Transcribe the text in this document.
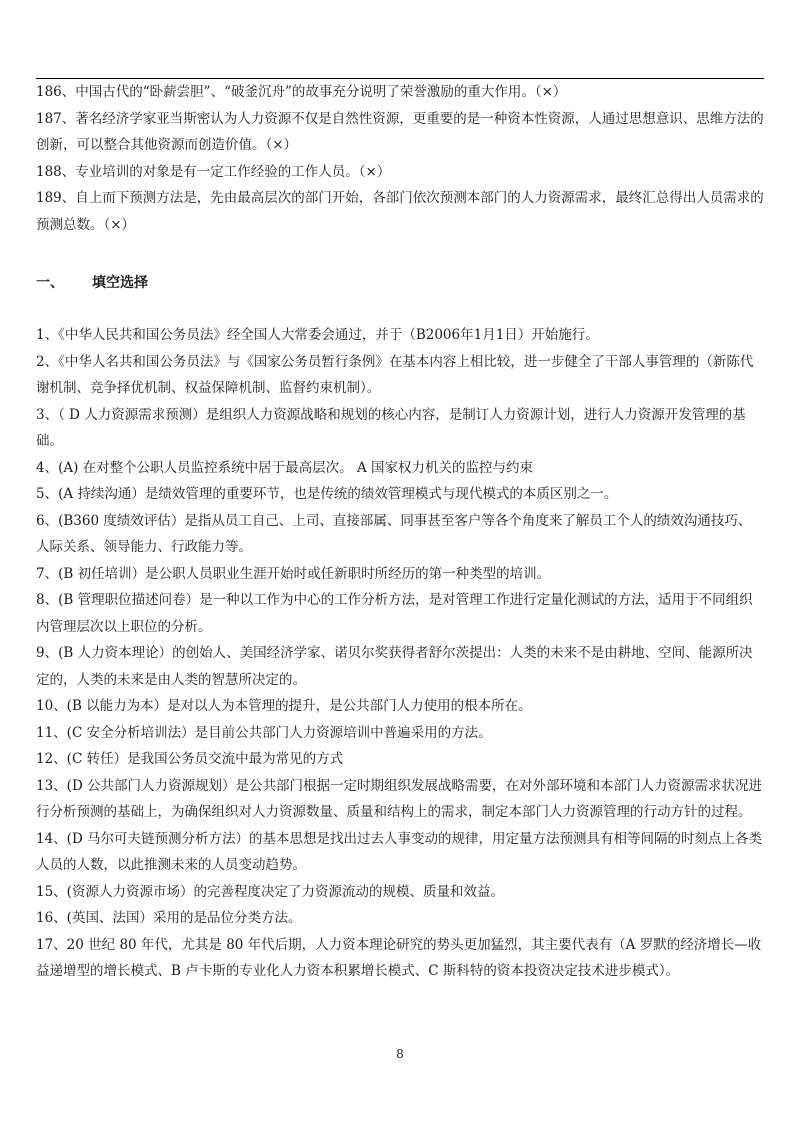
186、中国古代的“卧薪尝胆”、“破釜沉舟”的故事充分说明了荣誉激励的重大作用。（×）

187、著名经济学家亚当斯密认为人力资源不仅是自然性资源，更重要的是一种资本性资源，人通过思想意识、思维方法的创新，可以整合其他资源而创造价值。（×）

188、专业培训的对象是有一定工作经验的工作人员。（×）

189、自上而下预测方法是，先由最高层次的部门开始，各部门依次预测本部门的人力资源需求，最终汇总得出人员需求的预测总数。（×）

一、 填空选择

1、《中华人民共和国公务员法》经全国人大常委会通过，并于（B2006年1月1日）开始施行。

2、《中华人名共和国公务员法》与《国家公务员暂行条例》在基本内容上相比较，进一步健全了干部人事管理的（新陈代谢机制、竞争择优机制、权益保障机制、监督约束机制）。

3、（ D 人力资源需求预测）是组织人力资源战略和规划的核心内容，是制订人力资源计划，进行人力资源开发管理的基础。

4、(A) 在对整个公职人员监控系统中居于最高层次。 A 国家权力机关的监控与约束

5、(A 持续沟通）是绩效管理的重要环节，也是传统的绩效管理模式与现代模式的本质区别之一。

6、(B360 度绩效评估）是指从员工自己、上司、直接部属、同事甚至客户等各个角度来了解员工个人的绩效沟通技巧、人际关系、领导能力、行政能力等。

7、(B 初任培训）是公职人员职业生涯开始时或任新职时所经历的第一种类型的培训。

8、(B 管理职位描述问卷）是一种以工作为中心的工作分析方法，是对管理工作进行定量化测试的方法，适用于不同组织内管理层次以上职位的分析。

9、(B 人力资本理论）的创始人、美国经济学家、诺贝尔奖获得者舒尔茨提出：人类的未来不是由耕地、空间、能源所决定的，人类的未来是由人类的智慧所决定的。

10、(B 以能力为本）是对以人为本管理的提升，是公共部门人力使用的根本所在。

11、(C 安全分析培训法）是目前公共部门人力资源培训中普遍采用的方法。

12、(C 转任）是我国公务员交流中最为常见的方式

13、(D 公共部门人力资源规划）是公共部门根据一定时期组织发展战略需要，在对外部环境和本部门人力资源需求状况进行分析预测的基础上，为确保组织对人力资源数量、质量和结构上的需求，制定本部门人力资源管理的行动方针的过程。

14、(D 马尔可夫链预测分析方法）的基本思想是找出过去人事变动的规律，用定量方法预测具有相等间隔的时刻点上各类人员的人数，以此推测未来的人员变动趋势。

15、(资源人力资源市场）的完善程度决定了力资源流动的规模、质量和效益。

16、(英国、法国）采用的是品位分类方法。

17、20 世纪 80 年代，尤其是 80 年代后期，人力资本理论研究的势头更加猛烈，其主要代表有（A 罗默的经济增长—收益递增型的增长模式、B 卢卡斯的专业化人力资本积累增长模式、C 斯科特的资本投资决定技术进步模式）。

8
